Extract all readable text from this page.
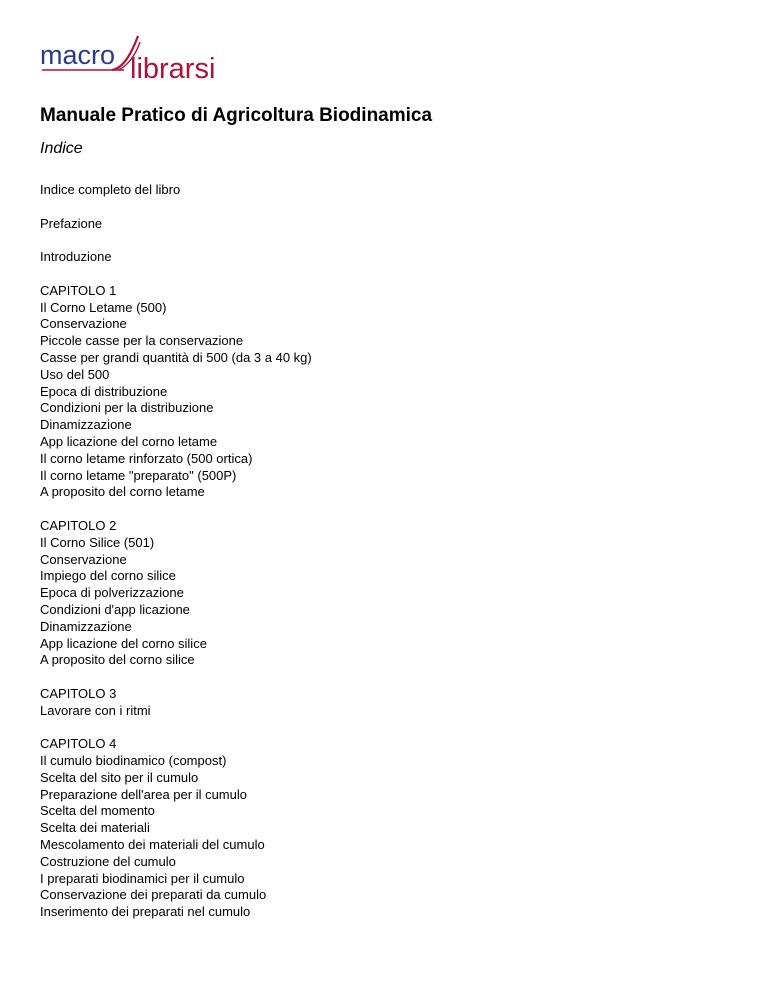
macro librarsi
Manuale Pratico di Agricoltura Biodinamica
Indice
Indice completo del libro
Prefazione
Introduzione
CAPITOLO 1
Il Corno Letame (500)
Conservazione
Piccole casse per la conservazione
Casse per grandi quantità di 500 (da 3 a 40 kg)
Uso del 500
Epoca di distribuzione
Condizioni per la distribuzione
Dinamizzazione
App licazione del corno letame
Il corno letame rinforzato (500 ortica)
Il corno letame "preparato" (500P)
A proposito del corno letame
CAPITOLO 2
Il Corno Silice (501)
Conservazione
Impiego del corno silice
Epoca di polverizzazione
Condizioni d'app licazione
Dinamizzazione
App licazione del corno silice
A proposito del corno silice
CAPITOLO 3
Lavorare con i ritmi
CAPITOLO 4
Il cumulo biodinamico (compost)
Scelta del sito per il cumulo
Preparazione dell'area per il cumulo
Scelta del momento
Scelta dei materiali
Mescolamento dei materiali del cumulo
Costruzione del cumulo
I preparati biodinamici per il cumulo
Conservazione dei preparati da cumulo
Inserimento dei preparati nel cumulo
